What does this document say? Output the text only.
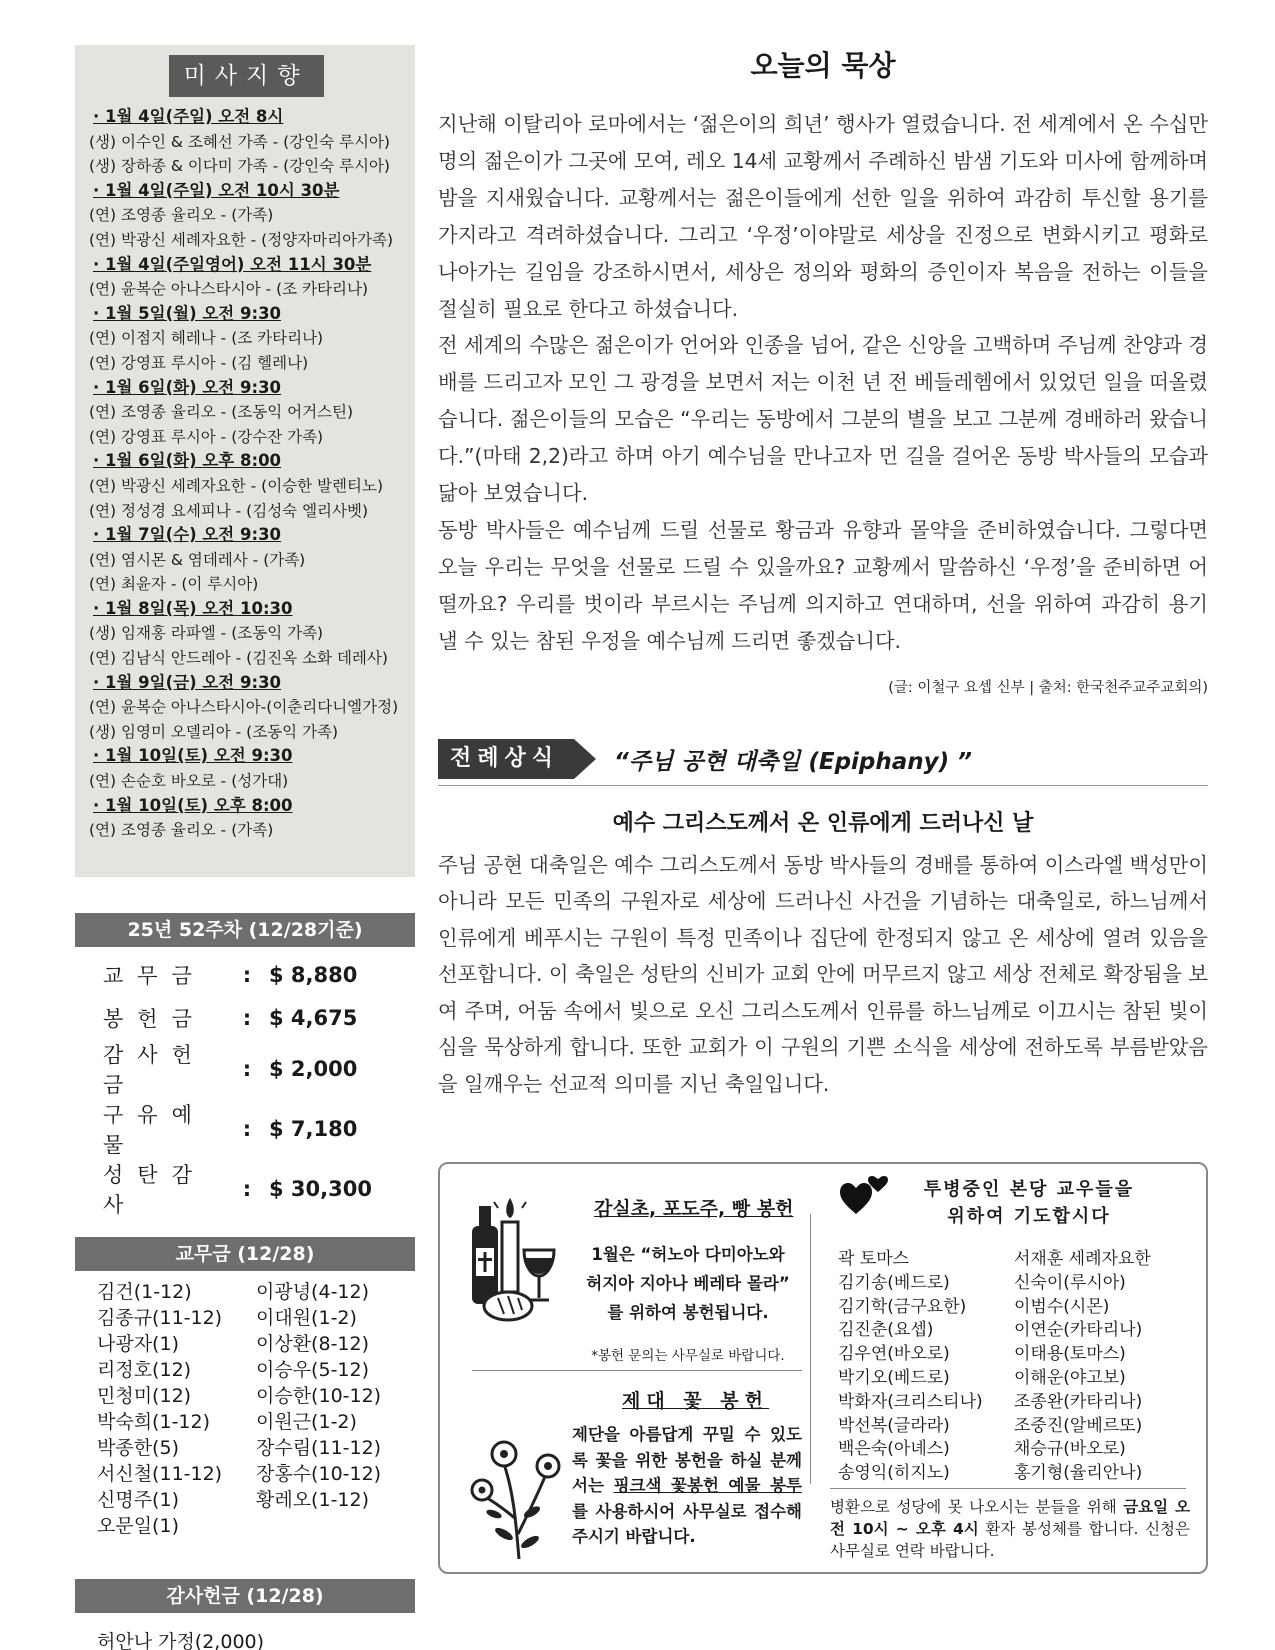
미사지향
· 1월 4일(주일) 오전 8시
(생) 이수인 & 조혜선 가족 - (강인숙 루시아)
(생) 장하종 & 이다미 가족 - (강인숙 루시아)
· 1월 4일(주일) 오전 10시 30분
(연) 조영종 율리오 - (가족)
(연) 박광신 세례자요한 - (정양자마리아가족)
· 1월 4일(주일영어) 오전 11시 30분
(연) 윤복순 아나스타시아 - (조 카타리나)
· 1월 5일(월) 오전 9:30
(연) 이점지 헤레나 - (조 카타리나)
(연) 강영표 루시아 - (김 헬레나)
· 1월 6일(화) 오전 9:30
(연) 조영종 율리오 - (조동익 어거스틴)
(연) 강영표 루시아 - (강수잔 가족)
· 1월 6일(화) 오후 8:00
(연) 박광신 세례자요한 - (이승한 발렌티노)
(연) 정성경 요세피나 - (김성숙 엘리사벳)
· 1월 7일(수) 오전 9:30
(연) 염시몬 & 염데레사 - (가족)
(연) 최윤자 - (이 루시아)
· 1월 8일(목) 오전 10:30
(생) 임재홍 라파엘 - (조동익 가족)
(연) 김남식 안드레아 - (김진옥 소화 데레사)
· 1월 9일(금) 오전 9:30
(연) 윤복순 아나스타시아-(이춘리다니엘가정)
(생) 임영미 오델리아 - (조동익 가족)
· 1월 10일(토) 오전 9:30
(연) 손순호 바오로 - (성가대)
· 1월 10일(토) 오후 8:00
(연) 조영종 율리오 - (가족)
25년 52주차 (12/28기준)
교무금	:	$ 8,880
봉헌금	:	$ 4,675
감사헌금	:	$ 2,000
구유예물	:	$ 7,180
성탄감사	:	$ 30,300
교무금 (12/28)
김건(1-12)
김종규(11-12)
나광자(1)
리정호(12)
민청미(12)
박숙희(1-12)
박종한(5)
서신철(11-12)
신명주(1)
오문일(1)
이광녕(4-12)
이대원(1-2)
이상환(8-12)
이승우(5-12)
이승한(10-12)
이원근(1-2)
장수림(11-12)
장홍수(10-12)
황레오(1-12)
감사헌금 (12/28)
허안나 가정(2,000)
오늘의 묵상

지난해 이탈리아 로마에서는 ‘젊은이의 희년’ 행사가 열렸습니다. 전 세계에서 온 수십만 명의 젊은이가 그곳에 모여, 레오 14세 교황께서 주례하신 밤샘 기도와 미사에 함께하며 밤을 지새웠습니다. 교황께서는 젊은이들에게 선한 일을 위하여 과감히 투신할 용기를 가지라고 격려하셨습니다. 그리고 ‘우정’이야말로 세상을 진정으로 변화시키고 평화로 나아가는 길임을 강조하시면서, 세상은 정의와 평화의 증인이자 복음을 전하는 이들을 절실히 필요로 한다고 하셨습니다.

전 세계의 수많은 젊은이가 언어와 인종을 넘어, 같은 신앙을 고백하며 주님께 찬양과 경배를 드리고자 모인 그 광경을 보면서 저는 이천 년 전 베들레헴에서 있었던 일을 떠올렸습니다. 젊은이들의 모습은 “우리는 동방에서 그분의 별을 보고 그분께 경배하러 왔습니다.”(마태 2,2)라고 하며 아기 예수님을 만나고자 먼 길을 걸어온 동방 박사들의 모습과 닮아 보였습니다.

동방 박사들은 예수님께 드릴 선물로 황금과 유향과 몰약을 준비하였습니다. 그렇다면 오늘 우리는 무엇을 선물로 드릴 수 있을까요? 교황께서 말씀하신 ‘우정’을 준비하면 어떨까요? 우리를 벗이라 부르시는 주님께 의지하고 연대하며, 선을 위하여 과감히 용기 낼 수 있는 참된 우정을 예수님께 드리면 좋겠습니다.

(글: 이철구 요셉 신부 | 출처: 한국천주교주교회의)
전례상식	“주님 공현 대축일 (Epiphany) ”
예수 그리스도께서 온 인류에게 드러나신 날
주님 공현 대축일은 예수 그리스도께서 동방 박사들의 경배를 통하여 이스라엘 백성만이 아니라 모든 민족의 구원자로 세상에 드러나신 사건을 기념하는 대축일로, 하느님께서 인류에게 베푸시는 구원이 특정 민족이나 집단에 한정되지 않고 온 세상에 열려 있음을 선포합니다. 이 축일은 성탄의 신비가 교회 안에 머무르지 않고 세상 전체로 확장됨을 보여 주며, 어둠 속에서 빛으로 오신 그리스도께서 인류를 하느님께로 이끄시는 참된 빛이심을 묵상하게 합니다. 또한 교회가 이 구원의 기쁜 소식을 세상에 전하도록 부름받았음을 일깨우는 선교적 의미를 지닌 축일입니다.
감실초, 포도주, 빵 봉헌
1월은 “허노아 다미아노와
허지아 지아나 베레타 몰라”
를 위하여 봉헌됩니다.
*봉헌 문의는 사무실로 바랍니다.
제대 꽃 봉헌
제단을 아름답게 꾸밀 수 있도록 꽃을 위한 봉헌을 하실 분께서는 핑크색 꽃봉헌 예물 봉투를 사용하시어 사무실로 접수해 주시기 바랍니다.
투병중인 본당 교우들을
위하여 기도합시다
곽 토마스
김기송(베드로)
김기학(금구요한)
김진춘(요셉)
김우연(바오로)
박기오(베드로)
박화자(크리스티나)
박선복(글라라)
백은숙(아녜스)
송영익(히지노)
서재훈 세례자요한
신숙이(루시아)
이범수(시몬)
이연순(카타리나)
이태용(토마스)
이해운(야고보)
조종완(카타리나)
조중진(알베르또)
채승규(바오로)
홍기형(율리안나)
병환으로 성당에 못 나오시는 분들을 위해 금요일 오전 10시 ~ 오후 4시 환자 봉성체를 합니다. 신청은 사무실로 연락 바랍니다.
